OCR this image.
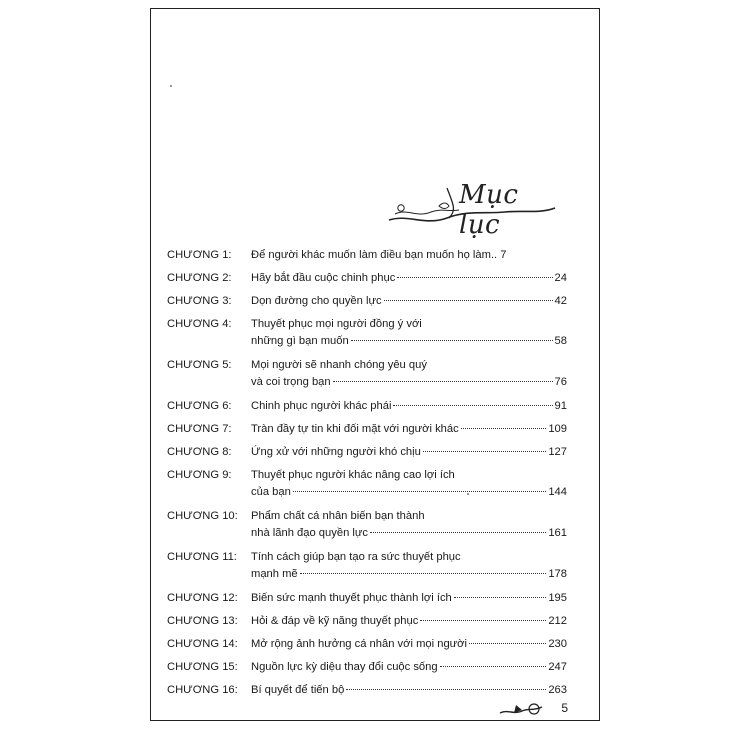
Mục lục
CHƯƠNG 1:	Để người khác muốn làm điều bạn muốn họ làm.. 7
CHƯƠNG 2:	Hãy bắt đầu cuộc chinh phục	24
CHƯƠNG 3:	Dọn đường cho quyền lực	42
CHƯƠNG 4:	Thuyết phục mọi người đồng ý với
những gì bạn muốn	58
CHƯƠNG 5:	Mọi người sẽ nhanh chóng yêu quý
và coi trọng bạn	76
CHƯƠNG 6:	Chinh phục người khác phái	91
CHƯƠNG 7:	Tràn đầy tự tin khi đối mặt với người khác	109
CHƯƠNG 8:	Ứng xử với những người khó chịu	127
CHƯƠNG 9:	Thuyết phục người khác nâng cao lợi ích
của bạn	144
CHƯƠNG 10:	Phẩm chất cá nhân biến bạn thành
nhà lãnh đạo quyền lực	161
CHƯƠNG 11:	Tính cách giúp bạn tạo ra sức thuyết phục
mạnh mẽ	178
CHƯƠNG 12:	Biến sức mạnh thuyết phục thành lợi ích	195
CHƯƠNG 13:	Hỏi & đáp về kỹ năng thuyết phục	212
CHƯƠNG 14:	Mở rộng ảnh hưởng cá nhân với mọi người	230
CHƯƠNG 15:	Nguồn lực kỳ diệu thay đổi cuộc sống	247
CHƯƠNG 16:	Bí quyết để tiến bộ	263
5
